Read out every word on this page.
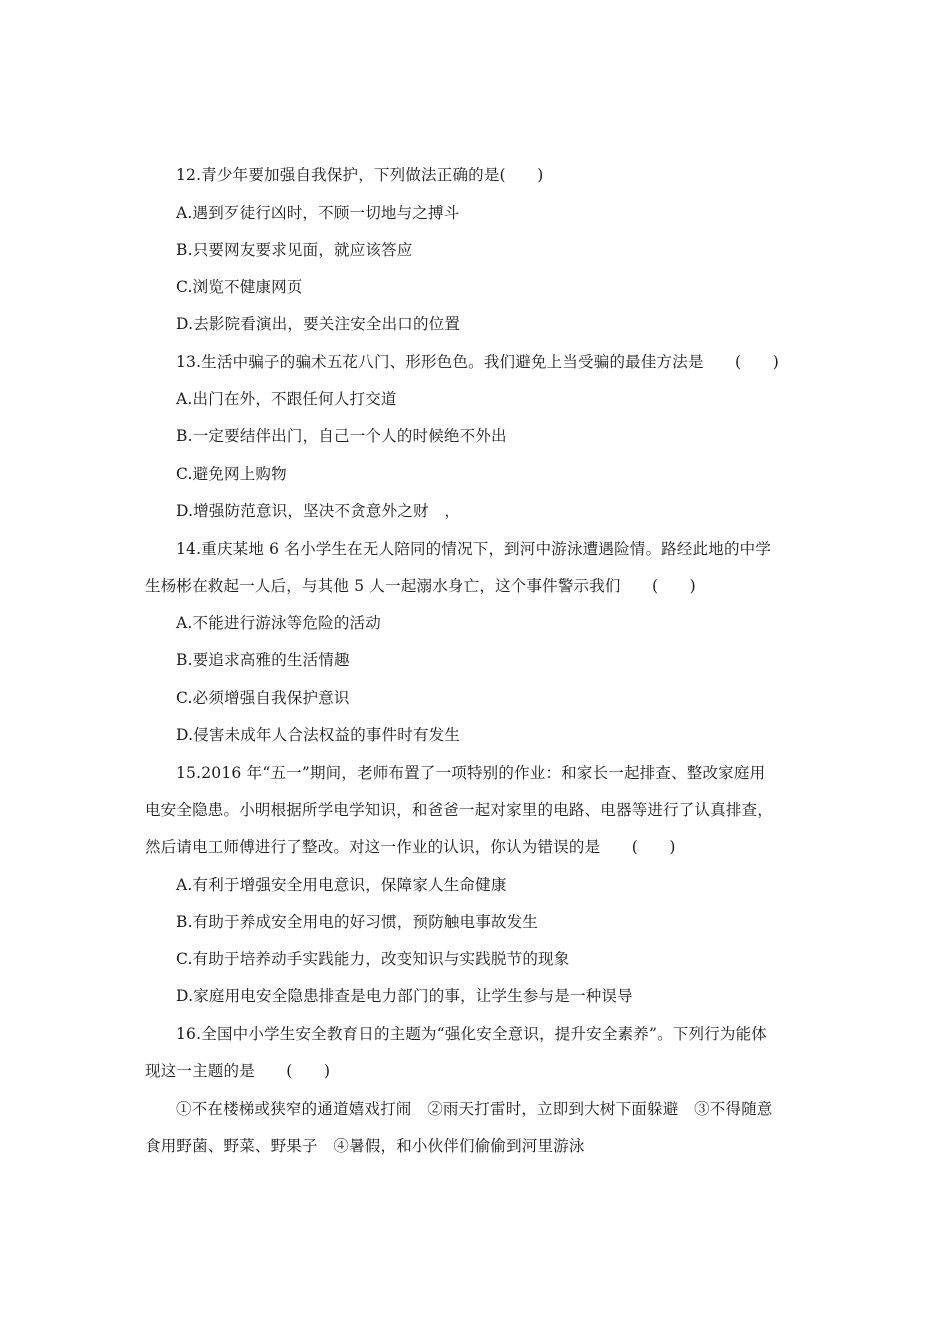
12.青少年要加强自我保护，下列做法正确的是(　　)
A.遇到歹徒行凶时，不顾一切地与之搏斗
B.只要网友要求见面，就应该答应
C.浏览不健康网页
D.去影院看演出，要关注安全出口的位置
13.生活中骗子的骗术五花八门、形形色色。我们避免上当受骗的最佳方法是　　(　　)
A.出门在外，不跟任何人打交道
B.一定要结伴出门，自己一个人的时候绝不外出
C.避免网上购物
D.增强防范意识，坚决不贪意外之财　，
14.重庆某地 6 名小学生在无人陪同的情况下，到河中游泳遭遇险情。路经此地的中学
生杨彬在救起一人后，与其他 5 人一起溺水身亡，这个事件警示我们　　(　　)
A.不能进行游泳等危险的活动
B.要追求高雅的生活情趣
C.必须增强自我保护意识
D.侵害未成年人合法权益的事件时有发生
15.2016 年“五一”期间，老师布置了一项特别的作业：和家长一起排查、整改家庭用
电安全隐患。小明根据所学电学知识，和爸爸一起对家里的电路、电器等进行了认真排查，
然后请电工师傅进行了整改。对这一作业的认识，你认为错误的是　　(　　)
A.有利于增强安全用电意识，保障家人生命健康
B.有助于养成安全用电的好习惯，预防触电事故发生
C.有助于培养动手实践能力，改变知识与实践脱节的现象
D.家庭用电安全隐患排查是电力部门的事，让学生参与是一种误导
16.全国中小学生安全教育日的主题为“强化安全意识，提升安全素养”。下列行为能体
现这一主题的是　　(　　)
①不在楼梯或狭窄的通道嬉戏打闹　②雨天打雷时，立即到大树下面躲避　③不得随意
食用野菌、野菜、野果子　④暑假，和小伙伴们偷偷到河里游泳
